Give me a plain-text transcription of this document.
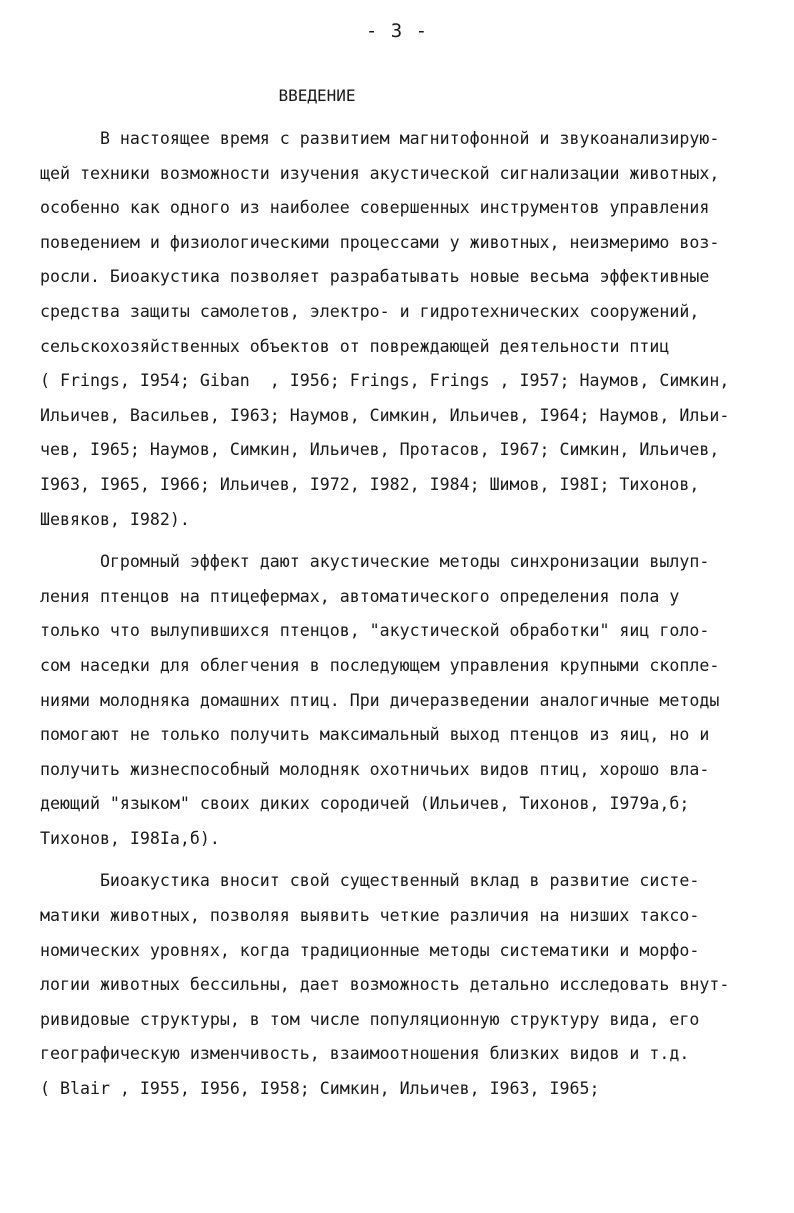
- 3 -
ВВЕДЕНИЕ
В настоящее время с развитием магнитофонной и звукоанализирую-
щей техники возможности изучения акустической сигнализации животных,
особенно как одного из наиболее совершенных инструментов управления
поведением и физиологическими процессами у животных, неизмеримо воз-
росли. Биоакустика позволяет разрабатывать новые весьма эффективные
средства защиты самолетов, электро- и гидротехнических сооружений,
сельскохозяйственных объектов от повреждающей деятельности птиц
( Frings, I954; Giban  , I956; Frings, Frings , I957; Наумов, Симкин,
Ильичев, Васильев, I963; Наумов, Симкин, Ильичев, I964; Наумов, Ильи-
чев, I965; Наумов, Симкин, Ильичев, Протасов, I967; Симкин, Ильичев,
I963, I965, I966; Ильичев, I972, I982, I984; Шимов, I98I; Тихонов,
Шевяков, I982).
Огромный эффект дают акустические методы синхронизации вылуп-
ления птенцов на птицефермах, автоматического определения пола у
только что вылупившихся птенцов, "акустической обработки" яиц голо-
сом наседки для облегчения в последующем управления крупными скопле-
ниями молодняка домашних птиц. При дичеразведении аналогичные методы
помогают не только получить максимальный выход птенцов из яиц, но и
получить жизнеспособный молодняк охотничьих видов птиц, хорошо вла-
деющий "языком" своих диких сородичей (Ильичев, Тихонов, I979а,б;
Тихонов, I98Iа,б).
Биоакустика вносит свой существенный вклад в развитие систе-
матики животных, позволяя выявить четкие различия на низших таксо-
номических уровнях, когда традиционные методы систематики и морфо-
логии животных бессильны, дает возможность детально исследовать внут-
ривидовые структуры, в том числе популяционную структуру вида, его
географическую изменчивость, взаимоотношения близких видов и т.д.
( Blair , I955, I956, I958; Симкин, Ильичев, I963, I965;
